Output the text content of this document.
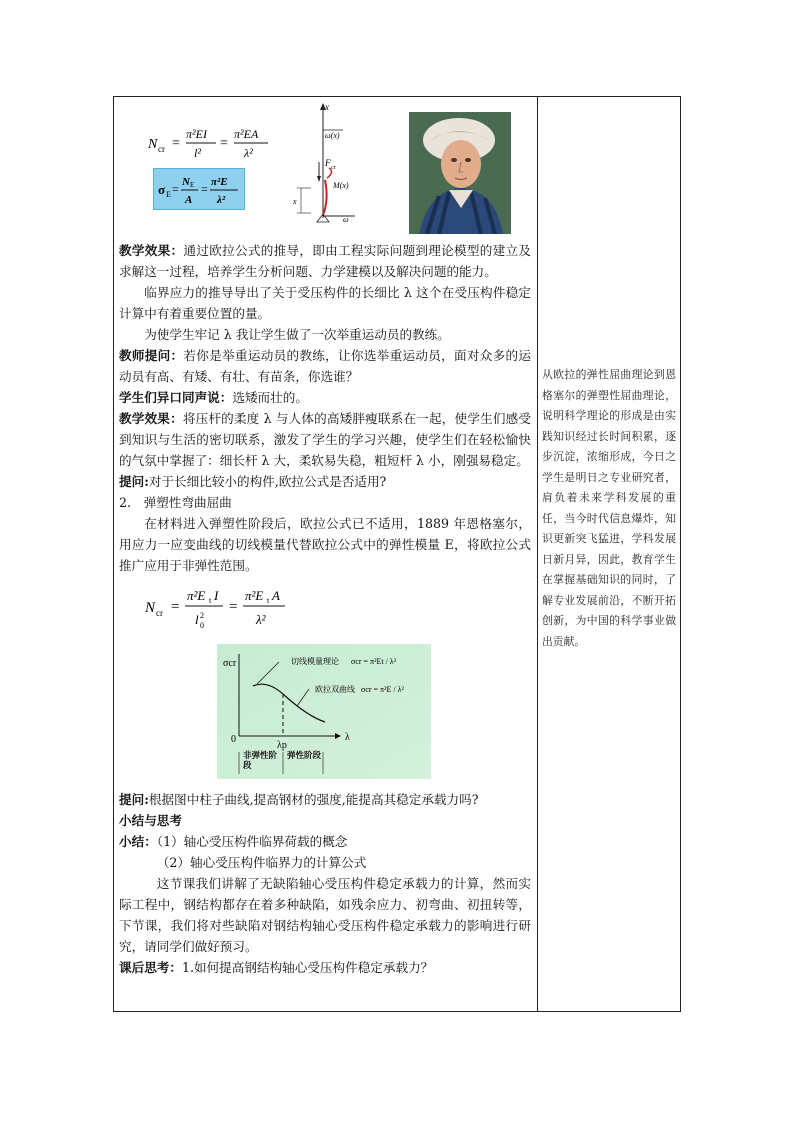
N cr =
π²EI
l²
=
π²EA
λ²
σ E = N E
A
= π²E
λ²
x
ω(x)
F cr
M(x)
x
ω

教学效果：通过欧拉公式的推导，即由工程实际问题到理论模型的建立及求解这一过程，培养学生分析问题、力学建模以及解决问题的能力。

临界应力的推导导出了关于受压构件的长细比 λ 这个在受压构件稳定计算中有着重要位置的量。

为使学生牢记 λ 我让学生做了一次举重运动员的教练。

教师提问：若你是举重运动员的教练，让你选举重运动员，面对众多的运动员有高、有矮、有壮、有苗条，你选谁？

学生们异口同声说：选矮而壮的。

教学效果：将压杆的柔度 λ 与人体的高矮胖瘦联系在一起，使学生们感受到知识与生活的密切联系，激发了学生的学习兴趣，使学生们在轻松愉快的气氛中掌握了：细长杆 λ 大，柔软易失稳，粗短杆 λ 小，刚强易稳定。

提问:对于长细比较小的构件,欧拉公式是否适用?

2.　弹塑性弯曲屈曲

在材料进入弹塑性阶段后，欧拉公式已不适用，1889 年恩格塞尔，用应力一应变曲线的切线模量代替欧拉公式中的弹性模量 E，将欧拉公式推广应用于非弹性范围。

N cr =
π²E t I
l 2
0
=
π²E t A
λ²
σcr
λ
0
切线模量理论 σcr = π²Et / λ²
欧拉双曲线 σcr = π²E / λ²
λp
非弹性阶段
弹性阶段

提问:根据图中柱子曲线,提高钢材的强度,能提高其稳定承载力吗?

小结与思考

小结：（1）轴心受压构件临界荷载的概念

（2）轴心受压构件临界力的计算公式

这节课我们讲解了无缺陷轴心受压构件稳定承载力的计算，然而实际工程中，钢结构都存在着多种缺陷，如残余应力、初弯曲、初扭转等，下节课，我们将对些缺陷对钢结构轴心受压构件稳定承载力的影响进行研究，请同学们做好预习。

课后思考：1.如何提高钢结构轴心受压构件稳定承载力？

从欧拉的弹性屈曲理论到恩格塞尔的弹塑性屈曲理论，说明科学理论的形成是由实践知识经过长时间积累，逐步沉淀，浓缩形成，今日之学生是明日之专业研究者，肩负着未来学科发展的重任，当今时代信息爆炸，知识更新突飞猛进，学科发展日新月异，因此，教育学生在掌握基础知识的同时，了解专业发展前沿，不断开拓创新，为中国的科学事业做出贡献。
